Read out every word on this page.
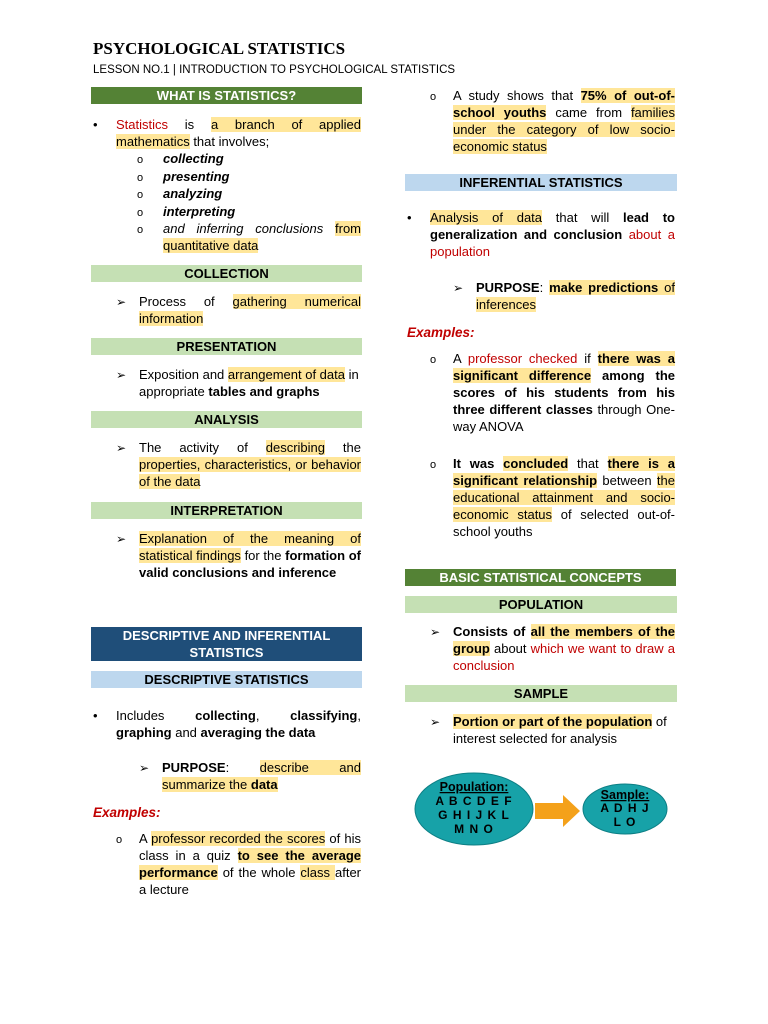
PSYCHOLOGICAL STATISTICS
LESSON NO.1 | INTRODUCTION TO PSYCHOLOGICAL STATISTICS
WHAT IS STATISTICS?
•
Statistics is a branch of applied mathematics that involves;
o
collecting
o
presenting
o
analyzing
o
interpreting
o
and inferring conclusions from quantitative data
COLLECTION
➢
Process of gathering numerical information
PRESENTATION
➢
Exposition and arrangement of data in appropriate tables and graphs
ANALYSIS
➢
The activity of describing the properties, characteristics, or behavior of the data
INTERPRETATION
➢
Explanation of the meaning of statistical findings for the formation of valid conclusions and inference
DESCRIPTIVE AND INFERENTIAL STATISTICS
DESCRIPTIVE STATISTICS
•
Includes collecting, classifying, graphing and averaging the data
➢
PURPOSE: describe and summarize the data
Examples:
o
A professor recorded the scores of his class in a quiz to see the average performance of the whole class after a lecture
o
A study shows that 75% of out-of-school youths came from families under the category of low socio-economic status
INFERENTIAL STATISTICS
•
Analysis of data that will lead to generalization and conclusion about a population
➢
PURPOSE: make predictions of inferences
Examples:
o
A professor checked if there was a significant difference among the scores of his students from his three different classes through One-way ANOVA
o
It was concluded that there is a significant relationship between the educational attainment and socio-economic status of selected out-of-school youths
BASIC STATISTICAL CONCEPTS
POPULATION
➢
Consists of all the members of the group about which we want to draw a conclusion
SAMPLE
➢
Portion or part of the population of interest selected for analysis
Population:
A B C D E F
G H I J K L
M N O
Sample:
A D H J
L O
